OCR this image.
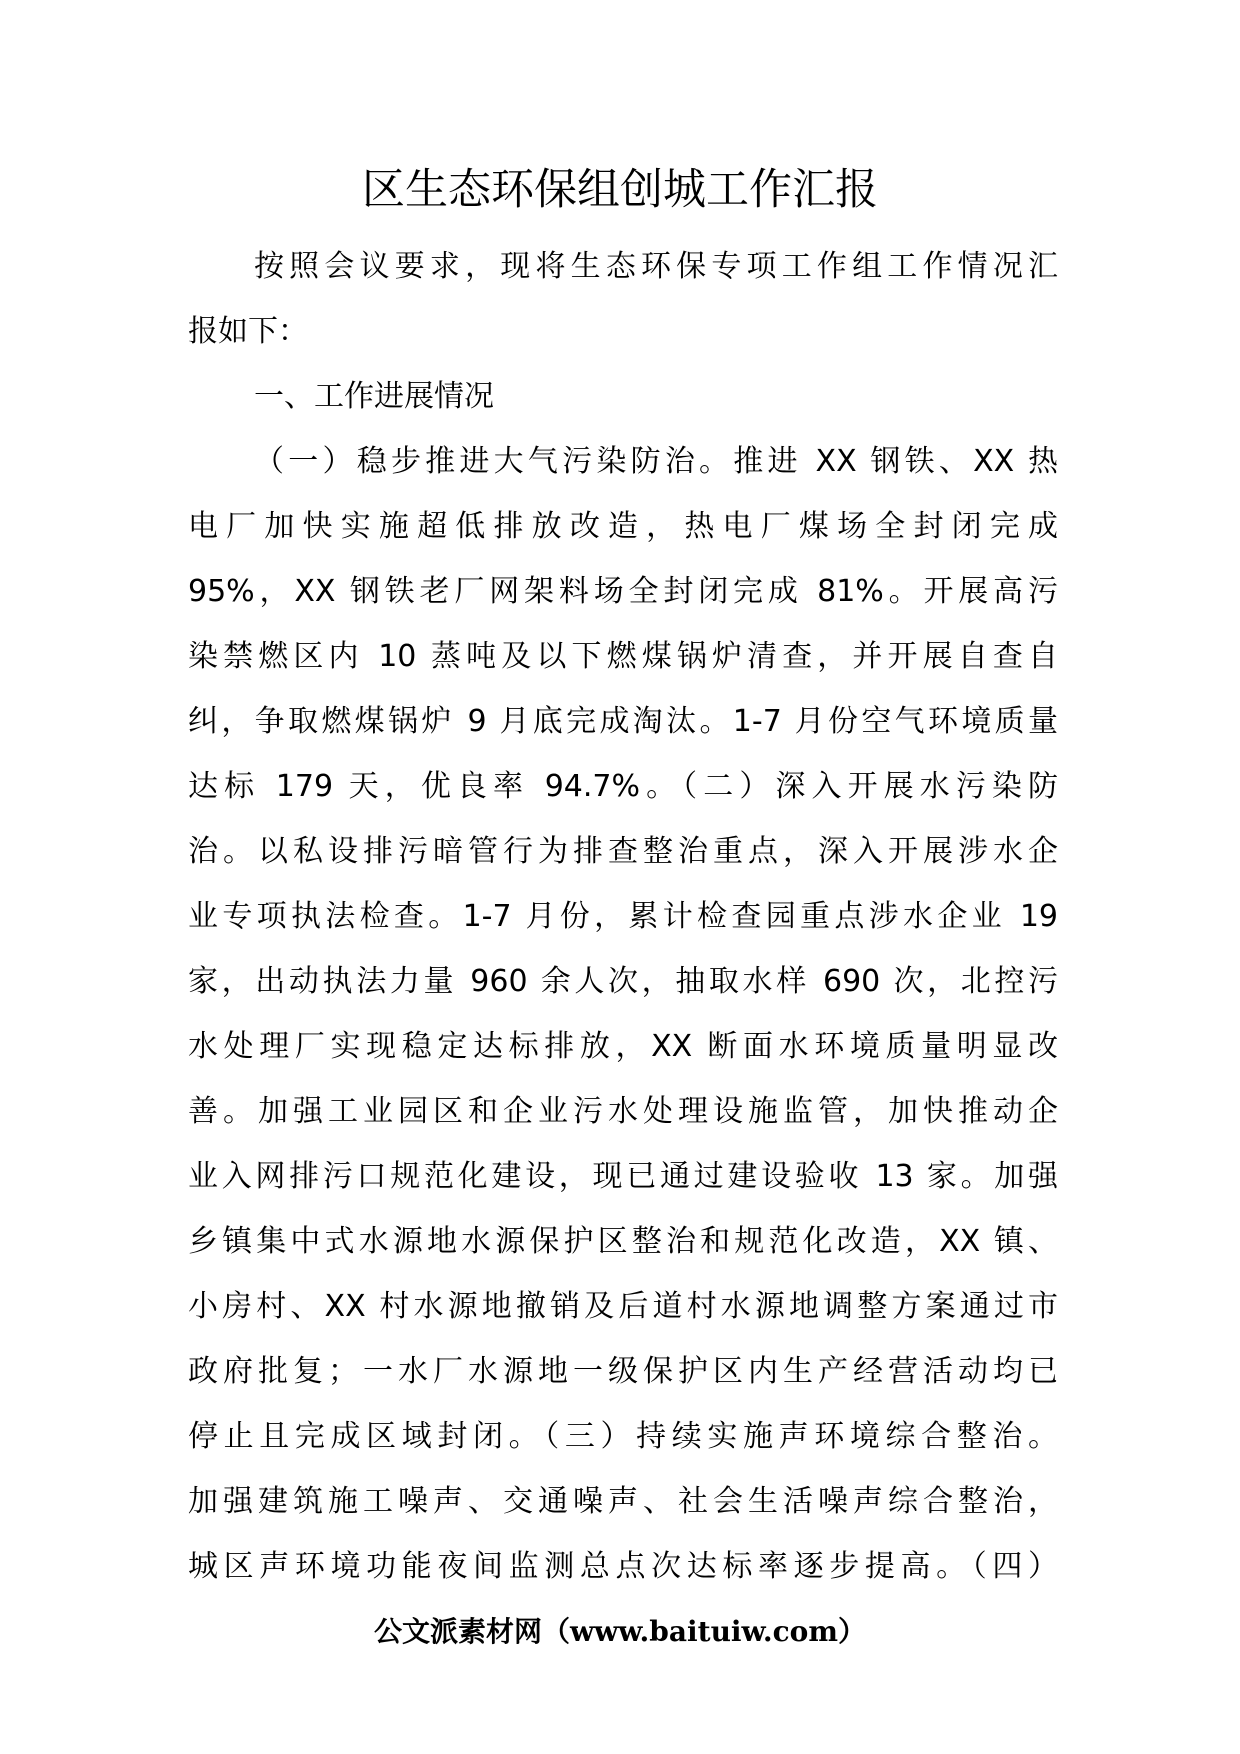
区生态环保组创城工作汇报
按照会议要求，现将生态环保专项工作组工作情况汇
报如下：
一、工作进展情况
（一）稳步推进大气污染防治。推进 XX 钢铁、XX 热
电厂加快实施超低排放改造，热电厂煤场全封闭完成
95%，XX 钢铁老厂网架料场全封闭完成 81%。开展高污
染禁燃区内 10 蒸吨及以下燃煤锅炉清查，并开展自查自
纠，争取燃煤锅炉 9 月底完成淘汰。1-7 月份空气环境质量
达标 179 天，优良率 94.7%。（二）深入开展水污染防
治。以私设排污暗管行为排查整治重点，深入开展涉水企
业专项执法检查。1-7 月份，累计检查园重点涉水企业 19
家，出动执法力量 960 余人次，抽取水样 690 次，北控污
水处理厂实现稳定达标排放，XX 断面水环境质量明显改
善。加强工业园区和企业污水处理设施监管，加快推动企
业入网排污口规范化建设，现已通过建设验收 13 家。加强
乡镇集中式水源地水源保护区整治和规范化改造，XX 镇、
小房村、XX 村水源地撤销及后道村水源地调整方案通过市
政府批复；一水厂水源地一级保护区内生产经营活动均已
停止且完成区域封闭。（三）持续实施声环境综合整治。
加强建筑施工噪声、交通噪声、社会生活噪声综合整治，
城区声环境功能夜间监测总点次达标率逐步提高。（四）
公文派素材网（www.baituiw.com）
